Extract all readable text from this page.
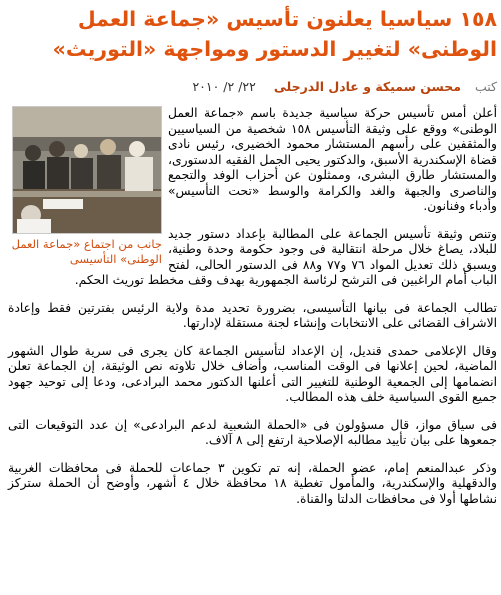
١٥٨ سياسيا يعلنون تأسيس «جماعة العمل الوطنى» لتغيير الدستور ومواجهة «التوريث»
كتب محسن سميكة و عادل الدرجلى ٢٢/ ٢/ ٢٠١٠
جانب من اجتماع «جماعة العمل الوطنى» التأسيسى

أعلن أمس تأسيس حركة سياسية جديدة باسم «جماعة العمل الوطنى» ووقع على وثيقة التأسيس ١٥٨ شخصية من السياسيين والمثقفين على رأسهم المستشار محمود الخضيرى، رئيس نادى قضاة الإسكندرية الأسبق، والدكتور يحيى الجمل الفقيه الدستورى، والمستشار طارق البشرى، وممثلون عن أحزاب الوفد والتجمع والناصرى والجبهة والغد والكرامة والوسط «تحت التأسيس» وأدباء وفنانون.

وتنص وثيقة تأسيس الجماعة على المطالبة بإعداد دستور جديد للبلاد، يصاغ خلال مرحلة انتقالية فى وجود حكومة وحدة وطنية، ويسبق ذلك تعديل المواد ٧٦ و٧٧ و٨٨ فى الدستور الحالى، لفتح الباب أمام الراغبين فى الترشح لرئاسة الجمهورية بهدف وقف مخطط توريث الحكم.

تطالب الجماعة فى بيانها التأسيسى، بضرورة تحديد مدة ولاية الرئيس بفترتين فقط وإعادة الاشراف القضائى على الانتخابات وإنشاء لجنة مستقلة لإدارتها.

وقال الإعلامى حمدى قنديل، إن الإعداد لتأسيس الجماعة كان يجرى فى سرية طوال الشهور الماضية، لحين إعلانها فى الوقت المناسب، وأضاف خلال تلاوته نص الوثيقة، إن الجماعة تعلن انضمامها إلى الجمعية الوطنية للتغيير التى أعلنها الدكتور محمد البرادعى، ودعا إلى توحيد جهود جميع القوى السياسية خلف هذه المطالب.

فى سياق مواز، قال مسؤولون فى «الحملة الشعبية لدعم البرادعى» إن عدد التوقيعات التى جمعوها على بيان تأييد مطالبه الإصلاحية ارتفع إلى ٨ آلاف.

وذكر عبدالمنعم إمام، عضو الحملة، إنه تم تكوين ٣ جماعات للحملة فى محافظات الغربية والدقهلية والإسكندرية، والمأمول تغطية ١٨ محافظة خلال ٤ أشهر، وأوضح أن الحملة ستركز نشاطها أولا فى محافظات الدلتا والقناة.
